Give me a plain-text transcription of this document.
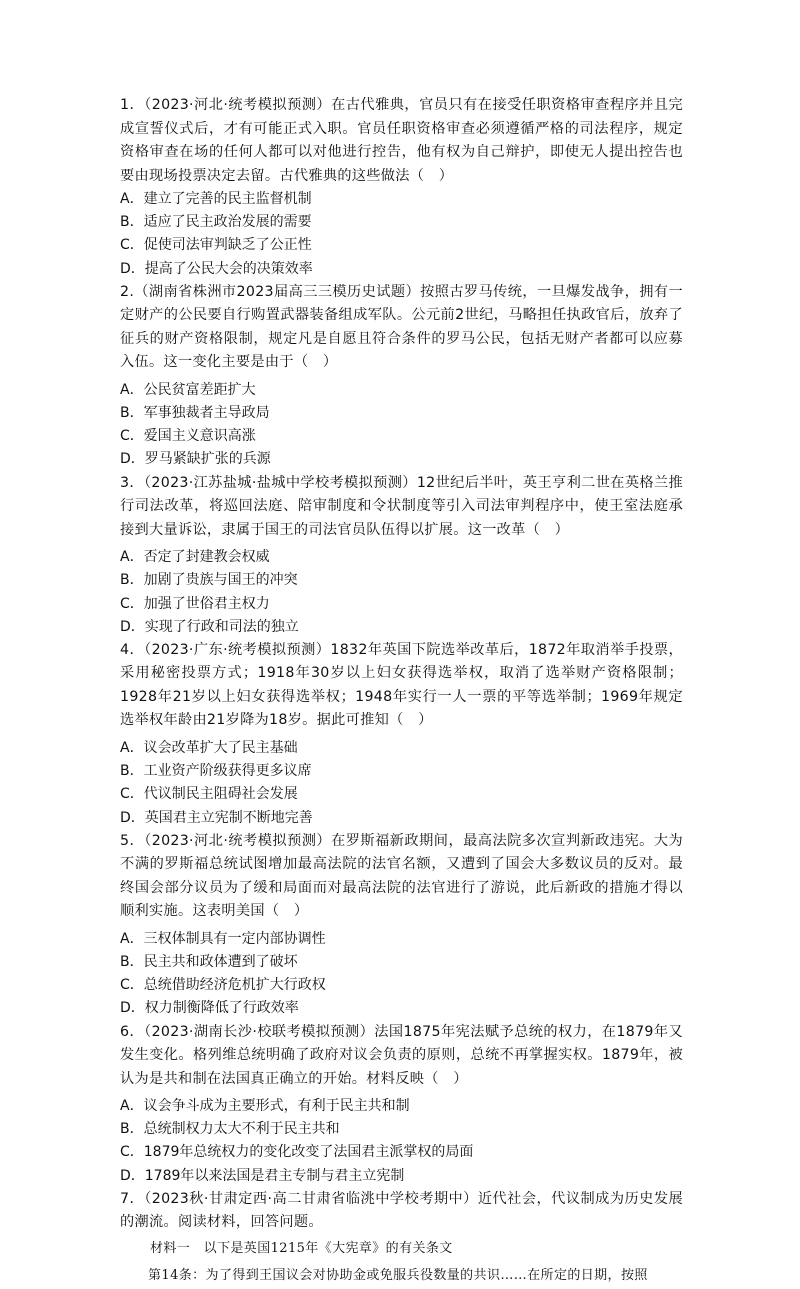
1．（2023·河北·统考模拟预测）在古代雅典，官员只有在接受任职资格审查程序并且完成宣誓仪式后，才有可能正式入职。官员任职资格审查必须遵循严格的司法程序，规定资格审查在场的任何人都可以对他进行控告，他有权为自己辩护，即使无人提出控告也要由现场投票决定去留。古代雅典的这些做法（　）

A．建立了完善的民主监督机制
B．适应了民主政治发展的需要
C．促使司法审判缺乏了公正性
D．提高了公民大会的决策效率

2.（湖南省株洲市2023届高三三模历史试题）按照古罗马传统，一旦爆发战争，拥有一定财产的公民要自行购置武器装备组成军队。公元前2世纪，马略担任执政官后，放弃了征兵的财产资格限制，规定凡是自愿且符合条件的罗马公民，包括无财产者都可以应募入伍。这一变化主要是由于（　）

A．公民贫富差距扩大
B．军事独裁者主导政局
C．爱国主义意识高涨
D．罗马紧缺扩张的兵源

3．（2023·江苏盐城·盐城中学校考模拟预测）12世纪后半叶，英王亨利二世在英格兰推行司法改革，将巡回法庭、陪审制度和令状制度等引入司法审判程序中，使王室法庭承接到大量诉讼，隶属于国王的司法官员队伍得以扩展。这一改革（　）

A．否定了封建教会权威
B．加剧了贵族与国王的冲突
C．加强了世俗君主权力
D．实现了行政和司法的独立

4．（2023·广东·统考模拟预测）1832年英国下院选举改革后，1872年取消举手投票，采用秘密投票方式；1918年30岁以上妇女获得选举权，取消了选举财产资格限制；1928年21岁以上妇女获得选举权；1948年实行一人一票的平等选举制；1969年规定选举权年龄由21岁降为18岁。据此可推知（　）

A．议会改革扩大了民主基础
B．工业资产阶级获得更多议席
C．代议制民主阻碍社会发展
D．英国君主立宪制不断地完善

5．（2023·河北·统考模拟预测）在罗斯福新政期间，最高法院多次宣判新政违宪。大为不满的罗斯福总统试图增加最高法院的法官名额，又遭到了国会大多数议员的反对。最终国会部分议员为了缓和局面而对最高法院的法官进行了游说，此后新政的措施才得以顺利实施。这表明美国（　）

A．三权体制具有一定内部协调性
B．民主共和政体遭到了破坏
C．总统借助经济危机扩大行政权
D．权力制衡降低了行政效率

6．（2023·湖南长沙·校联考模拟预测）法国1875年宪法赋予总统的权力，在1879年又发生变化。格列维总统明确了政府对议会负责的原则，总统不再掌握实权。1879年，被认为是共和制在法国真正确立的开始。材料反映（　）

A．议会争斗成为主要形式，有利于民主共和制
B．总统制权力太大不利于民主共和
C．1879年总统权力的变化改变了法国君主派掌权的局面
D．1789年以来法国是君主专制与君主立宪制

7．（2023秋·甘肃定西·高二甘肃省临洮中学校考期中）近代社会，代议制成为历史发展的潮流。阅读材料，回答问题。

材料一　以下是英国1215年《大宪章》的有关条文
第14条：为了得到王国议会对协助金或免服兵役数量的共识……在所定的日期，按照
